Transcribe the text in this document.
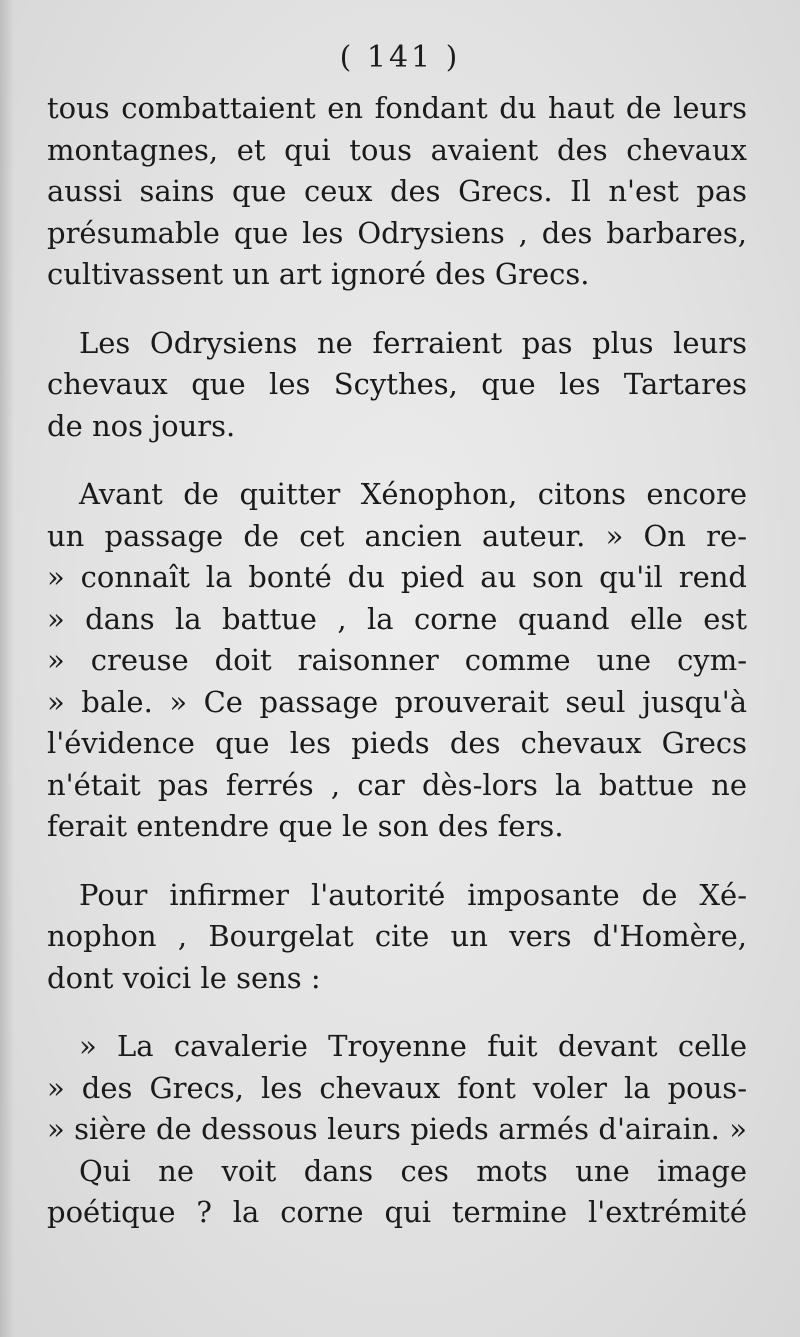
( 141 )
tous combattaient en fondant du haut de leurs
montagnes, et qui tous avaient des chevaux
aussi sains que ceux des Grecs. Il n'est pas
présumable que les Odrysiens , des barbares,
cultivassent un art ignoré des Grecs.
Les Odrysiens ne ferraient pas plus leurs
chevaux que les Scythes, que les Tartares
de nos jours.
Avant de quitter Xénophon, citons encore
un passage de cet ancien auteur. » On re-
» connaît la bonté du pied au son qu'il rend
» dans la battue , la corne quand elle est
» creuse doit raisonner comme une cym-
» bale. » Ce passage prouverait seul jusqu'à
l'évidence que les pieds des chevaux Grecs
n'était pas ferrés , car dès-lors la battue ne
ferait entendre que le son des fers.
Pour infirmer l'autorité imposante de Xé-
nophon , Bourgelat cite un vers d'Homère,
dont voici le sens :
» La cavalerie Troyenne fuit devant celle
» des Grecs, les chevaux font voler la pous-
» sière de dessous leurs pieds armés d'airain. »
Qui ne voit dans ces mots une image
poétique ? la corne qui termine l'extrémité
